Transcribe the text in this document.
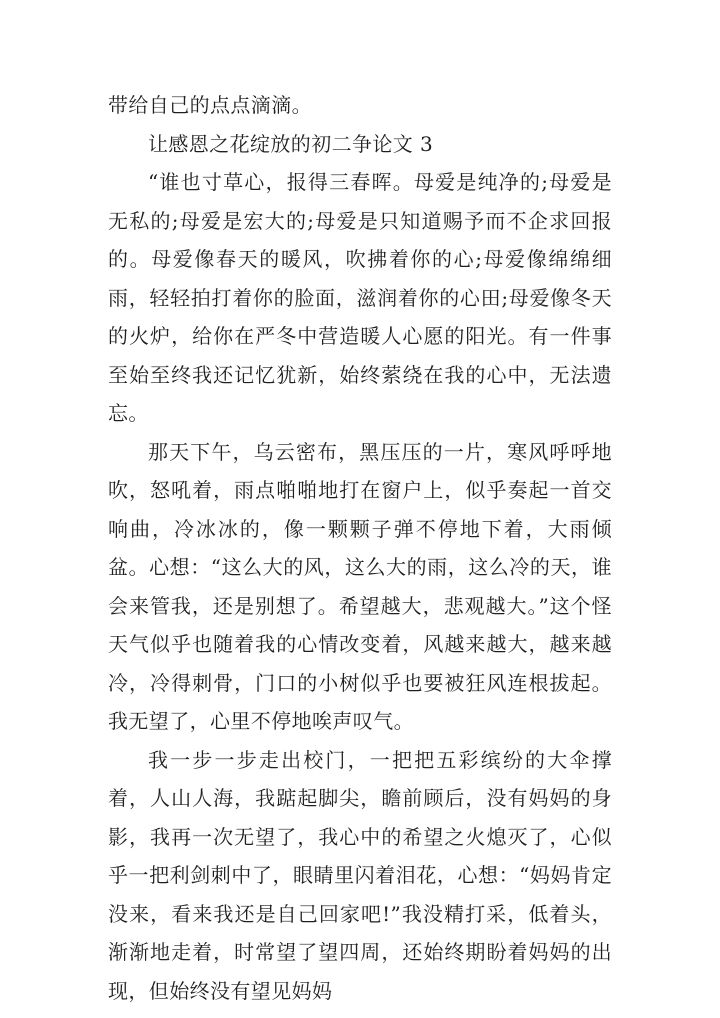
带给自己的点点滴滴。

让感恩之花绽放的初二争论文 3

“谁也寸草心，报得三春晖。母爱是纯净的;母爱是无私的;母爱是宏大的;母爱是只知道赐予而不企求回报的。母爱像春天的暖风，吹拂着你的心;母爱像绵绵细雨，轻轻拍打着你的脸面，滋润着你的心田;母爱像冬天的火炉，给你在严冬中营造暖人心愿的阳光。有一件事至始至终我还记忆犹新，始终萦绕在我的心中，无法遗忘。

那天下午，乌云密布，黑压压的一片，寒风呼呼地吹，怒吼着，雨点啪啪地打在窗户上，似乎奏起一首交响曲，冷冰冰的，像一颗颗子弹不停地下着，大雨倾盆。心想：“这么大的风，这么大的雨，这么冷的天，谁会来管我，还是别想了。希望越大，悲观越大。”这个怪天气似乎也随着我的心情改变着，风越来越大，越来越冷，冷得刺骨，门口的小树似乎也要被狂风连根拔起。我无望了，心里不停地唉声叹气。

我一步一步走出校门，一把把五彩缤纷的大伞撑着，人山人海，我踮起脚尖，瞻前顾后，没有妈妈的身影，我再一次无望了，我心中的希望之火熄灭了，心似乎一把利剑刺中了，眼睛里闪着泪花，心想：“妈妈肯定没来，看来我还是自己回家吧!”我没精打采，低着头，渐渐地走着，时常望了望四周，还始终期盼着妈妈的出现，但始终没有望见妈妈
